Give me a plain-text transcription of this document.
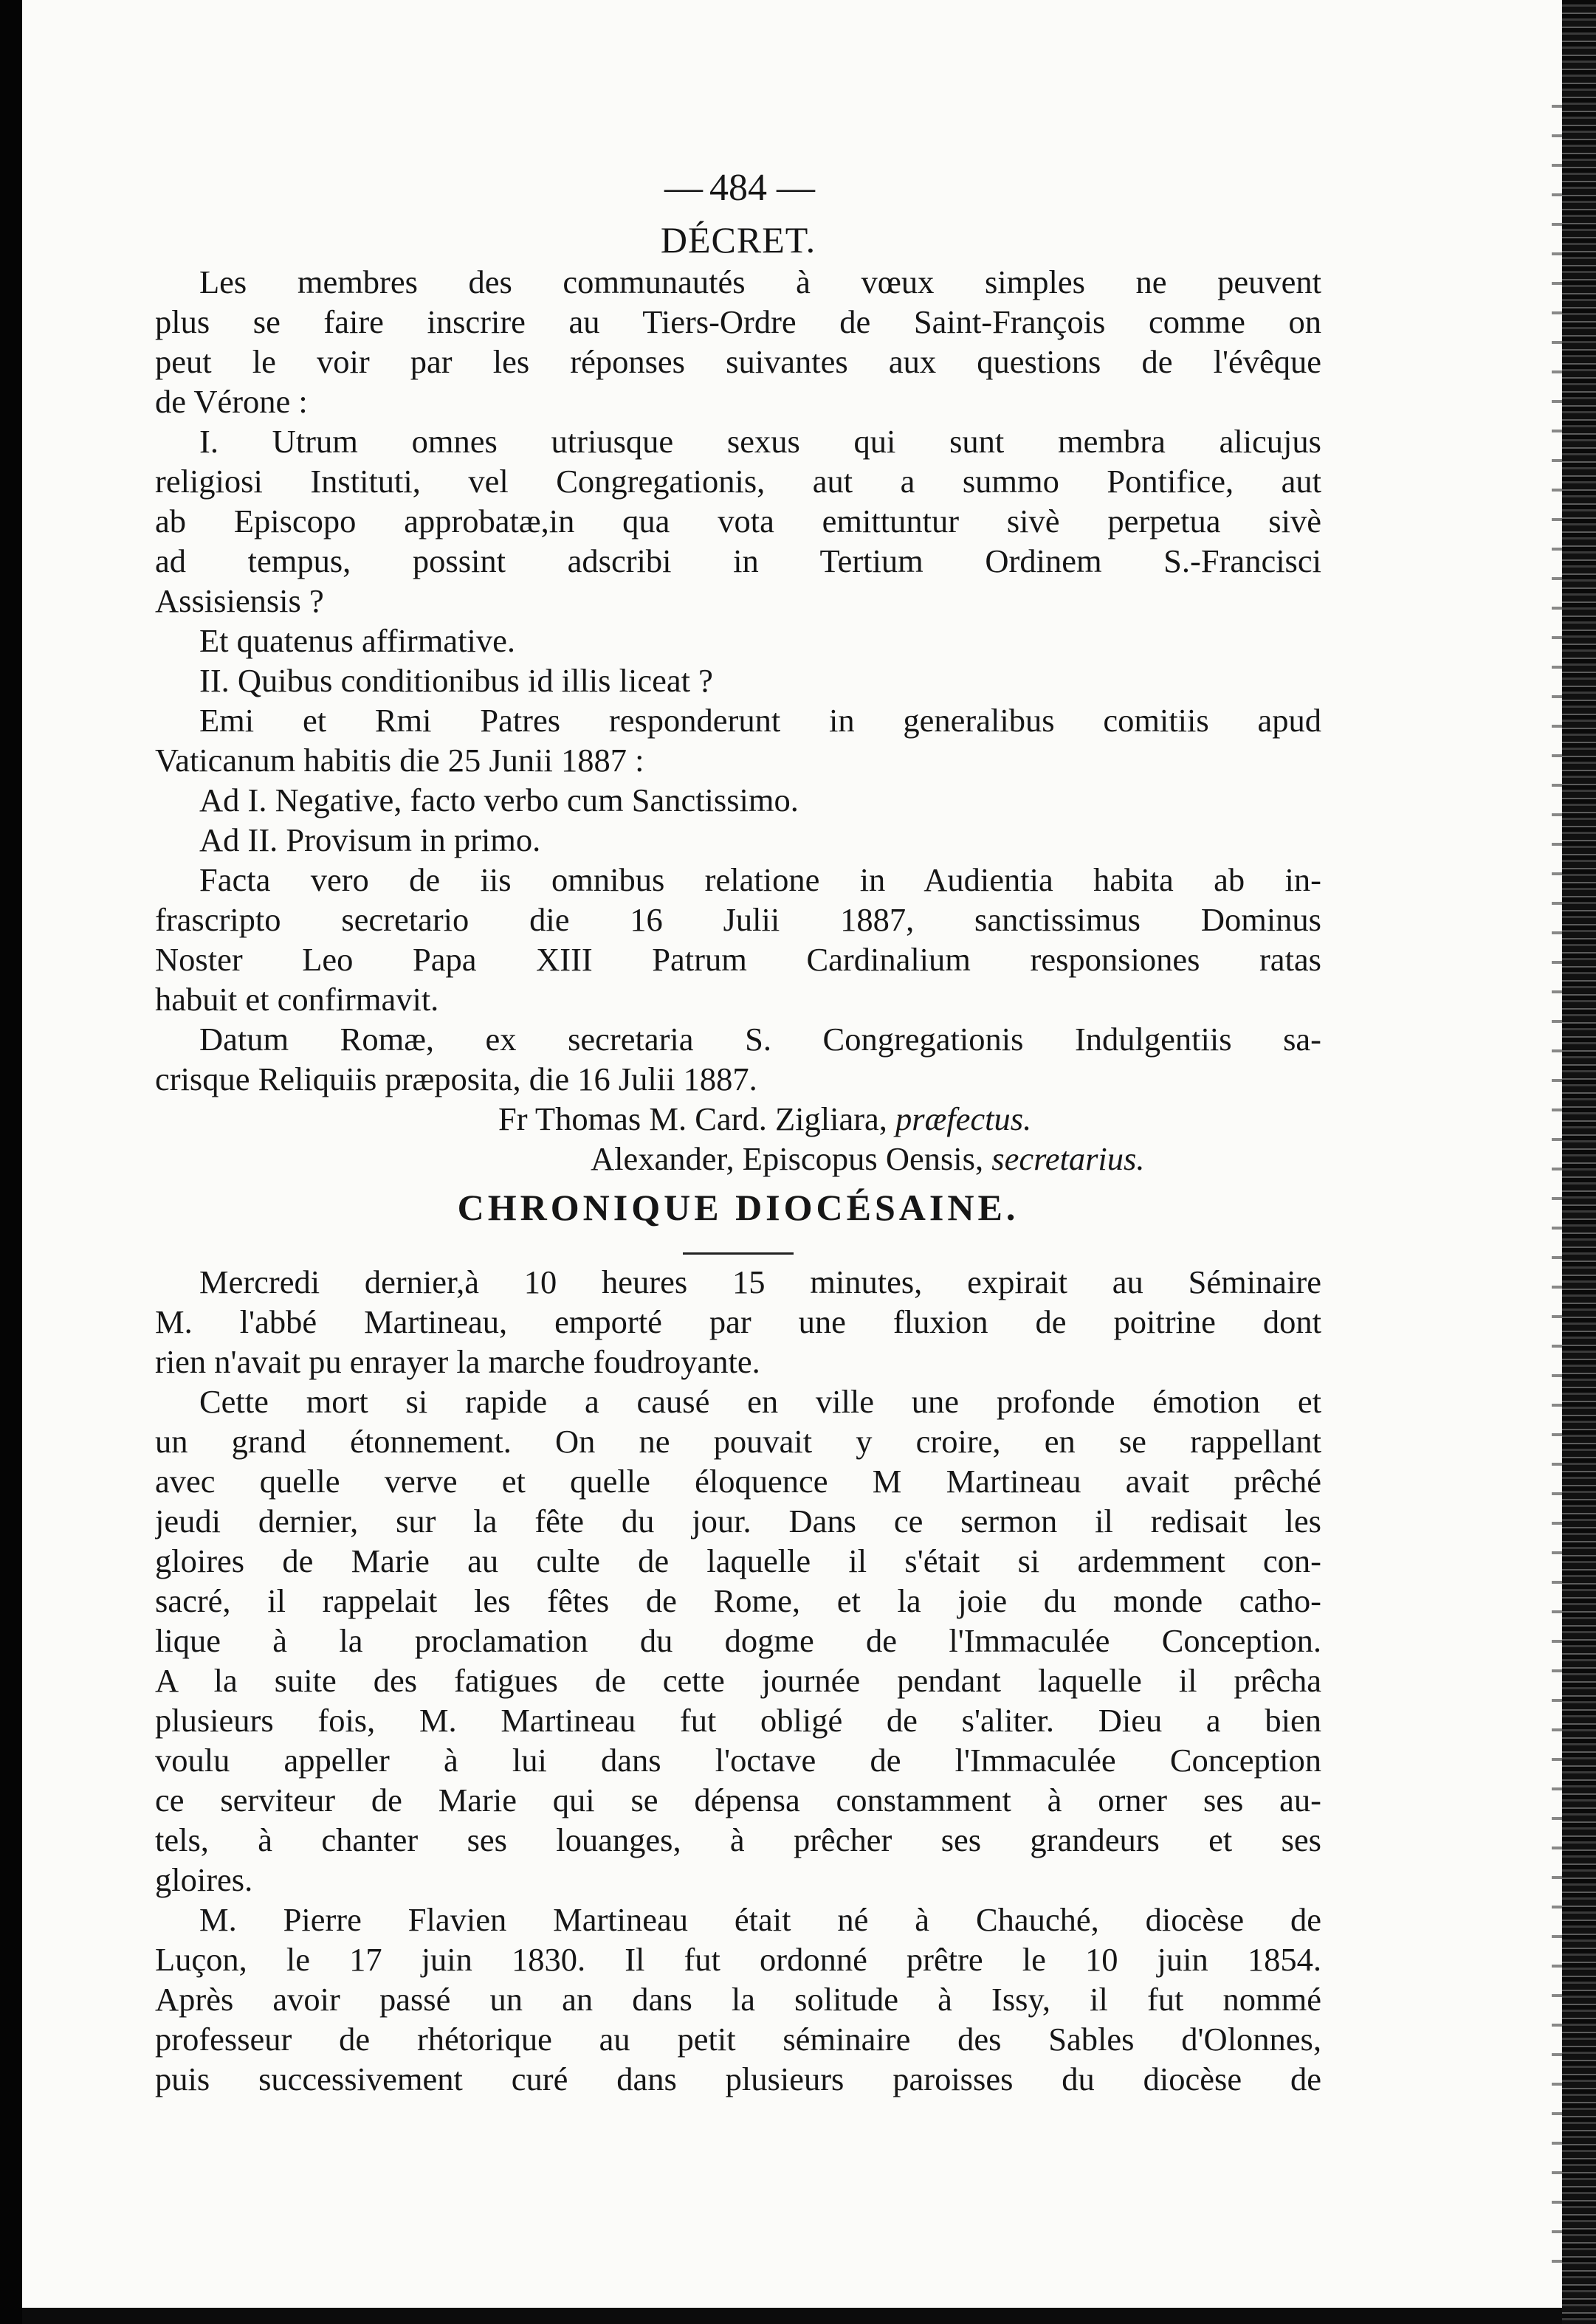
— 484 —
DÉCRET.
Les membres des communautés à vœux simples ne peuvent
plus se faire inscrire au Tiers-Ordre de Saint-François comme on
peut le voir par les réponses suivantes aux questions de l'évêque
de Vérone :
I. Utrum omnes utriusque sexus qui sunt membra alicujus
religiosi Instituti, vel Congregationis, aut a summo Pontifice, aut
ab Episcopo approbatæ,in qua vota emittuntur sivè perpetua sivè
ad tempus, possint adscribi in Tertium Ordinem S.-Francisci
Assisiensis ?
Et quatenus affirmative.
II. Quibus conditionibus id illis liceat ?
Emi et Rmi Patres responderunt in generalibus comitiis apud
Vaticanum habitis die 25 Junii 1887 :
Ad I. Negative, facto verbo cum Sanctissimo.
Ad II. Provisum in primo.
Facta vero de iis omnibus relatione in Audientia habita ab in-
frascripto secretario die 16 Julii 1887, sanctissimus Dominus
Noster Leo Papa XIII Patrum Cardinalium responsiones ratas
habuit et confirmavit.
Datum Romæ, ex secretaria S. Congregationis Indulgentiis sa-
crisque Reliquiis præposita, die 16 Julii 1887.
Fr Thomas M. Card. Zigliara, præfectus.
Alexander, Episcopus Oensis, secretarius.
CHRONIQUE DIOCÉSAINE.
Mercredi dernier,à 10 heures 15 minutes, expirait au Séminaire
M. l'abbé Martineau, emporté par une fluxion de poitrine dont
rien n'avait pu enrayer la marche foudroyante.
Cette mort si rapide a causé en ville une profonde émotion et
un grand étonnement. On ne pouvait y croire, en se rappellant
avec quelle verve et quelle éloquence M Martineau avait prêché
jeudi dernier, sur la fête du jour. Dans ce sermon il redisait les
gloires de Marie au culte de laquelle il s'était si ardemment con-
sacré, il rappelait les fêtes de Rome, et la joie du monde catho-
lique à la proclamation du dogme de l'Immaculée Conception.
A la suite des fatigues de cette journée pendant laquelle il prêcha
plusieurs fois, M. Martineau fut obligé de s'aliter. Dieu a bien
voulu appeller à lui dans l'octave de l'Immaculée Conception
ce serviteur de Marie qui se dépensa constamment à orner ses au-
tels, à chanter ses louanges, à prêcher ses grandeurs et ses
gloires.
M. Pierre Flavien Martineau était né à Chauché, diocèse de
Luçon, le 17 juin 1830. Il fut ordonné prêtre le 10 juin 1854.
Après avoir passé un an dans la solitude à Issy, il fut nommé
professeur de rhétorique au petit séminaire des Sables d'Olonnes,
puis successivement curé dans plusieurs paroisses du diocèse de
